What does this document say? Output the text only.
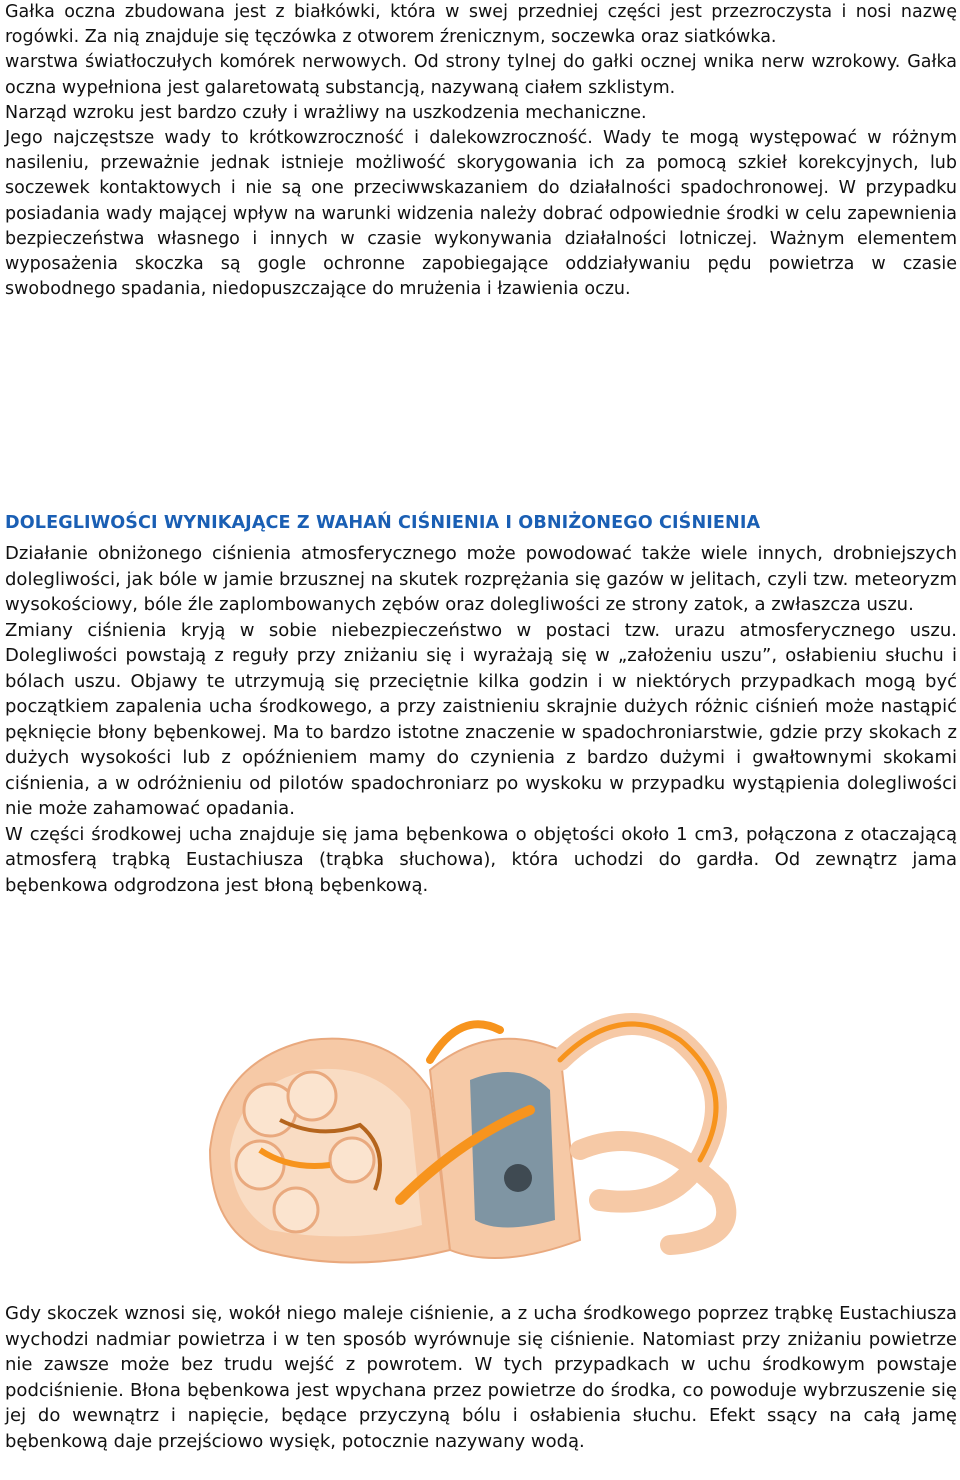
Gałka oczna zbudowana jest z białkówki, która w swej przedniej części jest przezroczysta i nosi nazwę rogówki. Za nią znajduje się tęczówka z otworem źrenicznym, soczewka oraz siatkówka.

warstwa światłoczułych komórek nerwowych. Od strony tylnej do gałki ocznej wnika nerw wzrokowy. Gałka oczna wypełniona jest galaretowatą substancją, nazywaną ciałem szklistym.

Narząd wzroku jest bardzo czuły i wrażliwy na uszkodzenia mechaniczne.

Jego najczęstsze wady to krótkowzroczność i dalekowzroczność. Wady te mogą występować w różnym nasileniu, przeważnie jednak istnieje możliwość skorygowania ich za pomocą szkieł korekcyjnych, lub soczewek kontaktowych i nie są one przeciwwskazaniem do działalności spadochronowej. W przypadku posiadania wady mającej wpływ na warunki widzenia należy dobrać odpowiednie środki w celu zapewnienia bezpieczeństwa własnego i innych w czasie wykonywania działalności lotniczej. Ważnym elementem wyposażenia skoczka są gogle ochronne zapobiegające oddziaływaniu pędu powietrza w czasie swobodnego spadania, niedopuszczające do mrużenia i łzawienia oczu.

DOLEGLIWOŚCI WYNIKAJĄCE Z WAHAŃ CIŚNIENIA I OBNIŻONEGO CIŚNIENIA

Działanie obniżonego ciśnienia atmosferycznego może powodować także wiele innych, drobniejszych dolegliwości, jak bóle w jamie brzusznej na skutek rozprężania się gazów w jelitach, czyli tzw. meteoryzm wysokościowy, bóle źle zaplombowanych zębów oraz dolegliwości ze strony zatok, a zwłaszcza uszu.

Zmiany ciśnienia kryją w sobie niebezpieczeństwo w postaci tzw. urazu atmosferycznego uszu. Dolegliwości powstają z reguły przy zniżaniu się i wyrażają się w „założeniu uszu”, osłabieniu słuchu i bólach uszu. Objawy te utrzymują się przeciętnie kilka godzin i w niektórych przypadkach mogą być początkiem zapalenia ucha środkowego, a przy zaistnieniu skrajnie dużych różnic ciśnień może nastąpić pęknięcie błony bębenkowej. Ma to bardzo istotne znaczenie w spadochroniarstwie, gdzie przy skokach z dużych wysokości lub z opóźnieniem mamy do czynienia z bardzo dużymi i gwałtownymi skokami ciśnienia, a w odróżnieniu od pilotów spadochroniarz po wyskoku w przypadku wystąpienia dolegliwości nie może zahamować opadania.

W części środkowej ucha znajduje się jama bębenkowa o objętości około 1 cm3, połączona z otaczającą atmosferą trąbką Eustachiusza (trąbka słuchowa), która uchodzi do gardła. Od zewnątrz jama bębenkowa odgrodzona jest błoną bębenkową.

Gdy skoczek wznosi się, wokół niego maleje ciśnienie, a z ucha środkowego poprzez trąbkę Eustachiusza wychodzi nadmiar powietrza i w ten sposób wyrównuje się ciśnienie. Natomiast przy zniżaniu powietrze nie zawsze może bez trudu wejść z powrotem. W tych przypadkach w uchu środkowym powstaje podciśnienie. Błona bębenkowa jest wpychana przez powietrze do środka, co powoduje wybrzuszenie się jej do wewnątrz i napięcie, będące przyczyną bólu i osłabienia słuchu. Efekt ssący na całą jamę bębenkową daje przejściowo wysięk, potocznie nazywany wodą.
